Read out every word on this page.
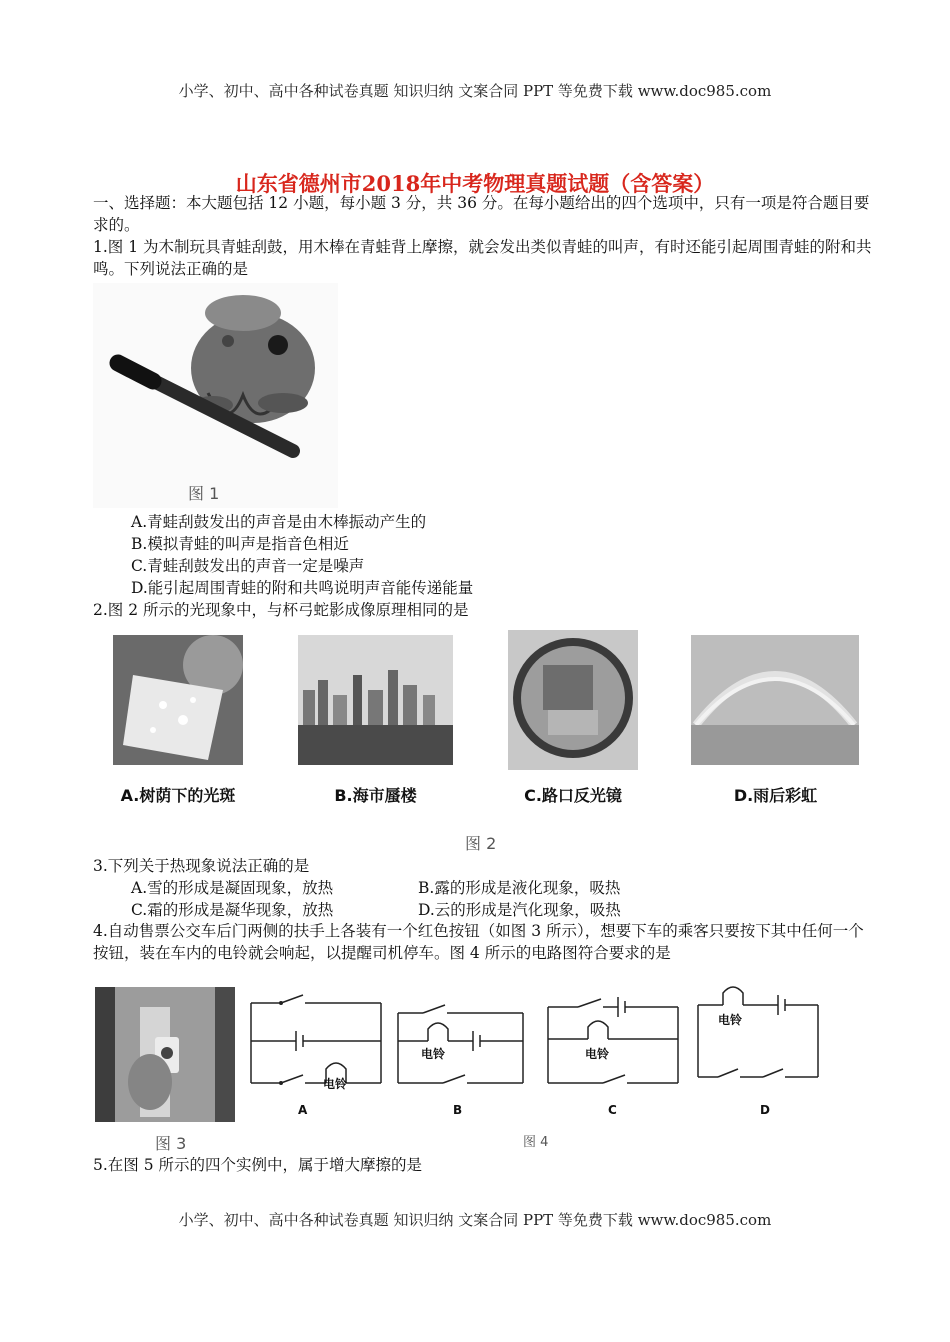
小学、初中、高中各种试卷真题 知识归纳 文案合同 PPT 等免费下载 www.doc985.com
山东省德州市2018年中考物理真题试题（含答案）
一、选择题：本大题包括 12 小题，每小题 3 分，共 36 分。在每小题给出的四个选项中，只有一项是符合题目要求的。
1.图 1 为木制玩具青蛙刮鼓，用木棒在青蛙背上摩擦，就会发出类似青蛙的叫声，有时还能引起周围青蛙的附和共鸣。下列说法正确的是
图 1
A.青蛙刮鼓发出的声音是由木棒振动产生的
B.模拟青蛙的叫声是指音色相近
C.青蛙刮鼓发出的声音一定是噪声
D.能引起周围青蛙的附和共鸣说明声音能传递能量
2.图 2 所示的光现象中，与杯弓蛇影成像原理相同的是
A.树荫下的光斑	B.海市蜃楼	C.路口反光镜	D.雨后彩虹
图 2
3.下列关于热现象说法正确的是
A.雪的形成是凝固现象，放热	B.露的形成是液化现象，吸热
C.霜的形成是凝华现象，放热	D.云的形成是汽化现象，吸热
4.自动售票公交车后门两侧的扶手上各装有一个红色按钮（如图 3 所示），想要下车的乘客只要按下其中任何一个按钮，装在车内的电铃就会响起，以提醒司机停车。图 4 所示的电路图符合要求的是
图 3
电铃
A
电铃
B
电铃
C
电铃
D
图 4
5.在图 5 所示的四个实例中，属于增大摩擦的是
小学、初中、高中各种试卷真题 知识归纳 文案合同 PPT 等免费下载 www.doc985.com
